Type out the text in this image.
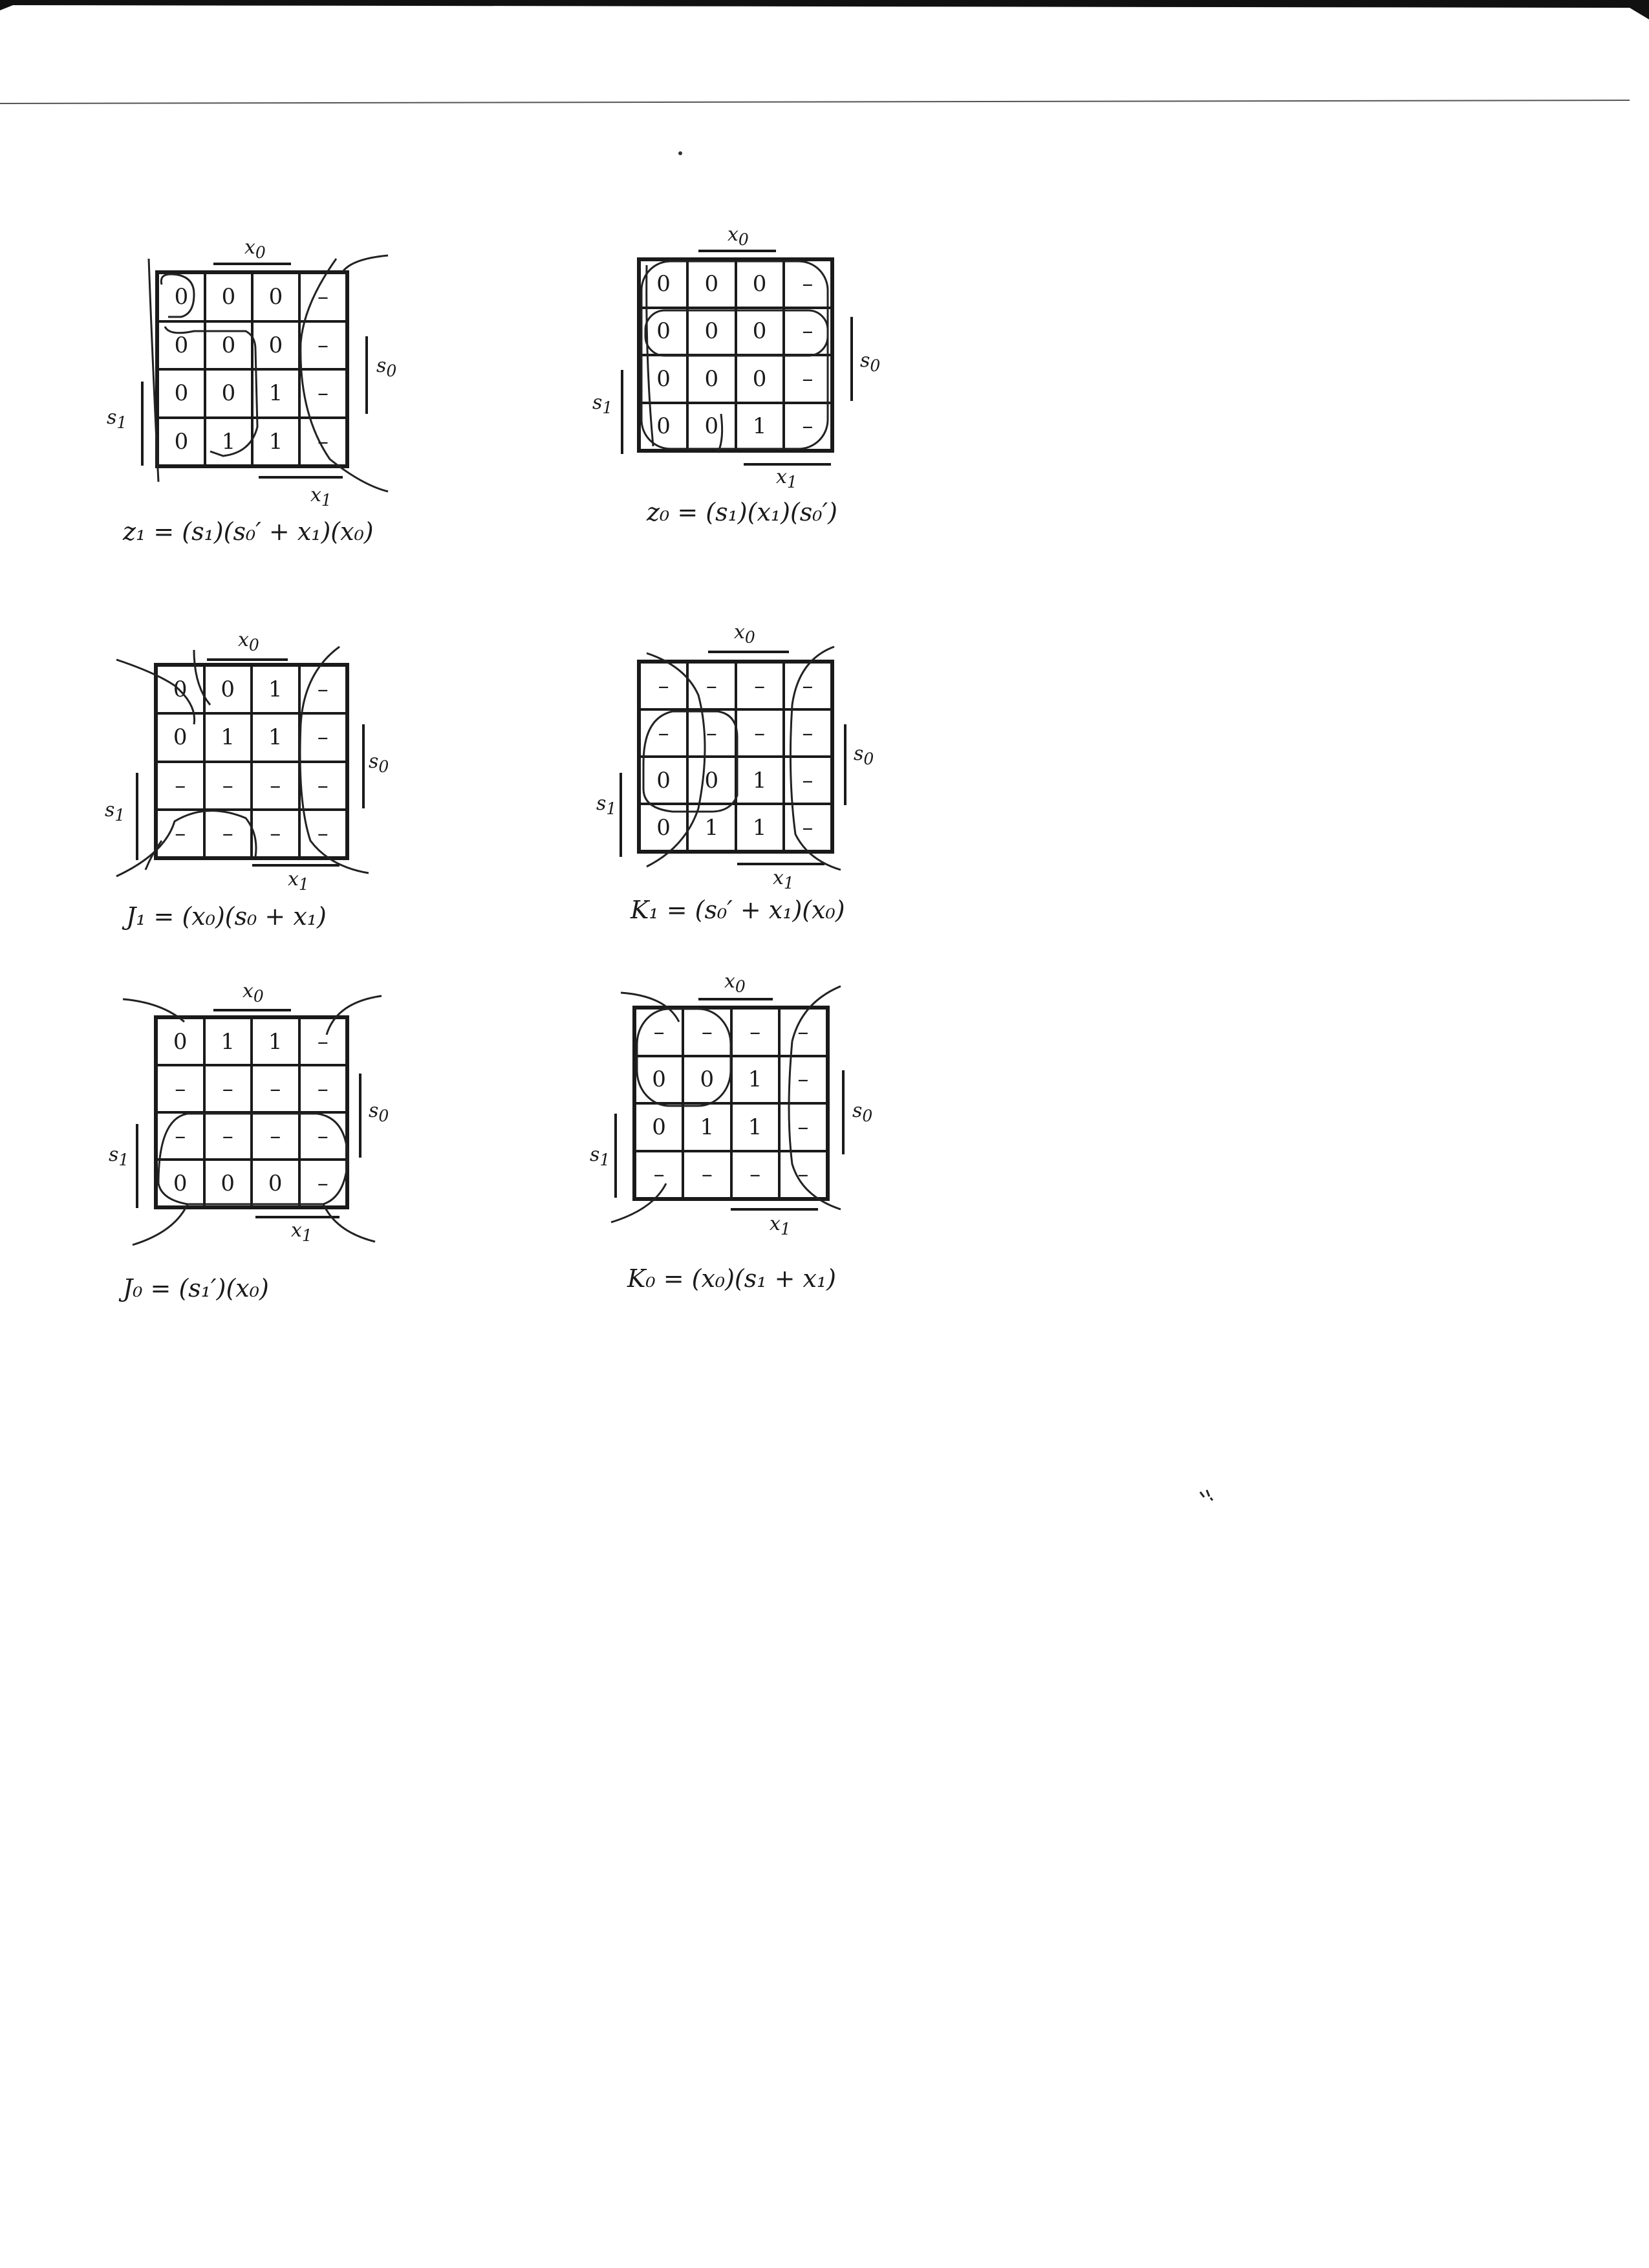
$x_0$
$s_0$
$s_1$
$x_1$
0	0	0	–
0	0	0	–
0	0	1	–
0	1	1	–
z₁ = (s₁)(s₀′ + x₁)(x₀)
$x_0$
$s_0$
$s_1$
$x_1$
0	0	0	–
0	0	0	–
0	0	0	–
0	0	1	–
z₀ = (s₁)(x₁)(s₀′)
$x_0$
$s_0$
$s_1$
$x_1$
0	0	1	–
0	1	1	–
–	–	–	–
–	–	–	–
J₁ = (x₀)(s₀ + x₁)
$x_0$
$s_0$
$s_1$
$x_1$
–	–	–	–
–	–	–	–
0	0	1	–
0	1	1	–
K₁ = (s₀′ + x₁)(x₀)
$x_0$
$s_0$
$s_1$
$x_1$
0	1	1	–
–	–	–	–
–	–	–	–
0	0	0	–
J₀ = (s₁′)(x₀)
$x_0$
$s_0$
$s_1$
$x_1$
–	–	–	–
0	0	1	–
0	1	1	–
–	–	–	–
K₀ = (x₀)(s₁ + x₁)
